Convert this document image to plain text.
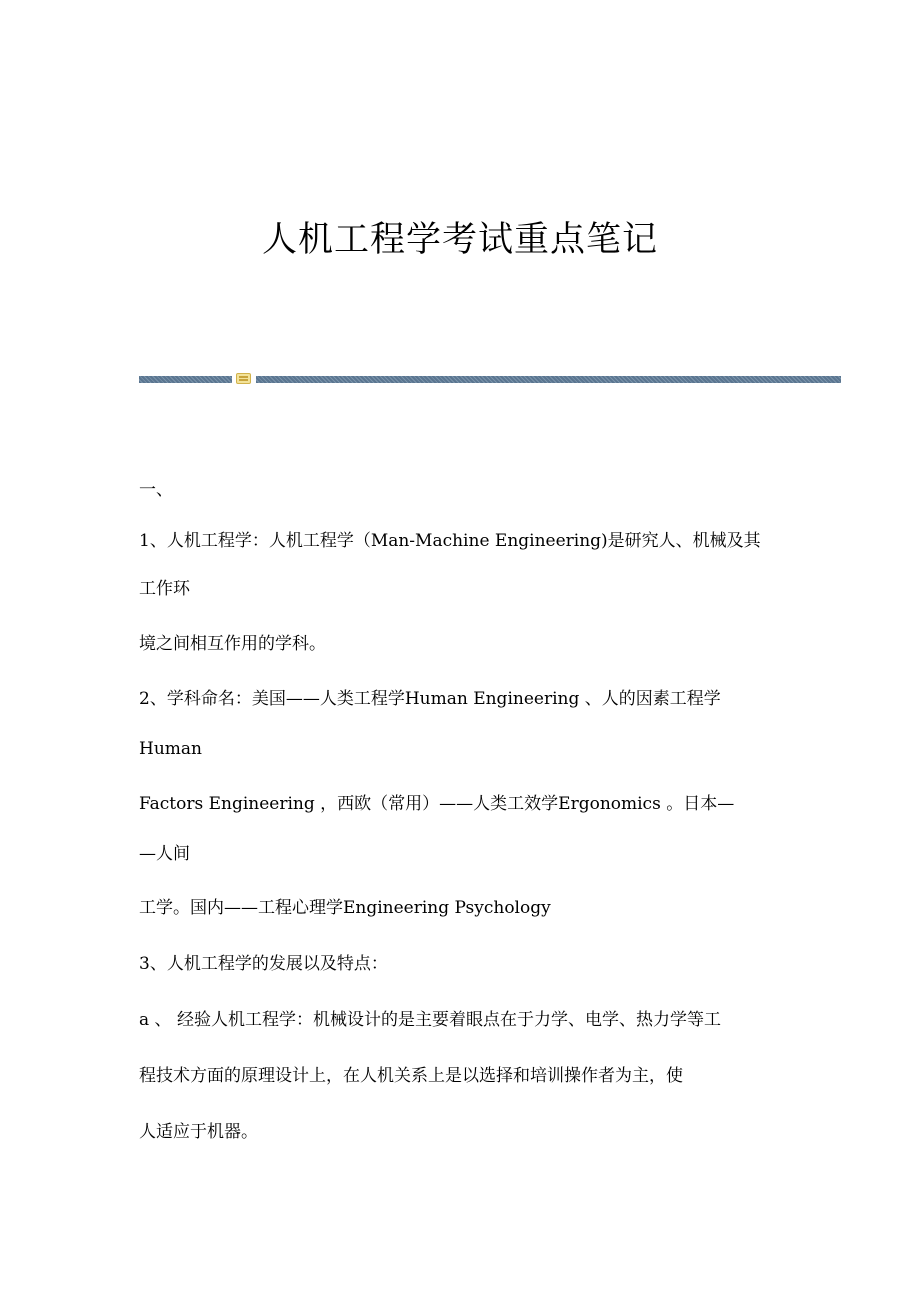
人机工程学考试重点笔记
一、
1、人机工程学：人机工程学（Man-Machine Engineering)是研究人、机械及其
工作环
境之间相互作用的学科。
2、学科命名：美国——人类工程学Human Engineering 、人的因素工程学
Human
Factors Engineering ，西欧（常用）——人类工效学Ergonomics 。日本—
—人间
工学。国内——工程心理学Engineering Psychology
3、人机工程学的发展以及特点：
a 、 经验人机工程学：机械设计的是主要着眼点在于力学、电学、热力学等工
程技术方面的原理设计上，在人机关系上是以选择和培训操作者为主，使
人适应于机器。
